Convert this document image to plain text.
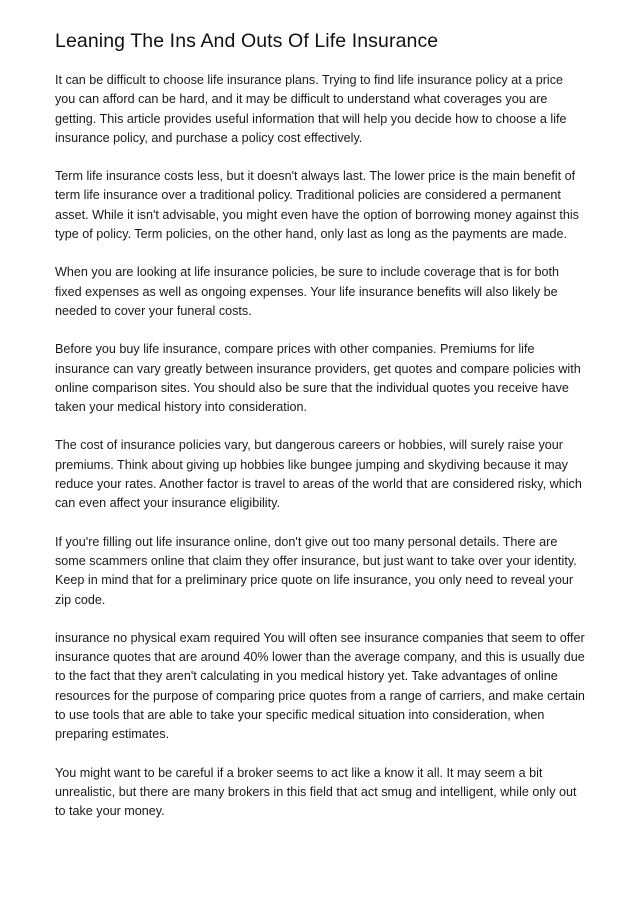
Leaning The Ins And Outs Of Life Insurance

It can be difficult to choose life insurance plans. Trying to find life insurance policy at a price you can afford can be hard, and it may be difficult to understand what coverages you are getting. This article provides useful information that will help you decide how to choose a life insurance policy, and purchase a policy cost effectively.

Term life insurance costs less, but it doesn't always last. The lower price is the main benefit of term life insurance over a traditional policy. Traditional policies are considered a permanent asset. While it isn't advisable, you might even have the option of borrowing money against this type of policy. Term policies, on the other hand, only last as long as the payments are made.

When you are looking at life insurance policies, be sure to include coverage that is for both fixed expenses as well as ongoing expenses. Your life insurance benefits will also likely be needed to cover your funeral costs.

Before you buy life insurance, compare prices with other companies. Premiums for life insurance can vary greatly between insurance providers, get quotes and compare policies with online comparison sites. You should also be sure that the individual quotes you receive have taken your medical history into consideration.

The cost of insurance policies vary, but dangerous careers or hobbies, will surely raise your premiums. Think about giving up hobbies like bungee jumping and skydiving because it may reduce your rates. Another factor is travel to areas of the world that are considered risky, which can even affect your insurance eligibility.

If you're filling out life insurance online, don't give out too many personal details. There are some scammers online that claim they offer insurance, but just want to take over your identity. Keep in mind that for a preliminary price quote on life insurance, you only need to reveal your zip code.

insurance no physical exam required You will often see insurance companies that seem to offer insurance quotes that are around 40% lower than the average company, and this is usually due to the fact that they aren't calculating in you medical history yet. Take advantages of online resources for the purpose of comparing price quotes from a range of carriers, and make certain to use tools that are able to take your specific medical situation into consideration, when preparing estimates.

You might want to be careful if a broker seems to act like a know it all. It may seem a bit unrealistic, but there are many brokers in this field that act smug and intelligent, while only out to take your money.
